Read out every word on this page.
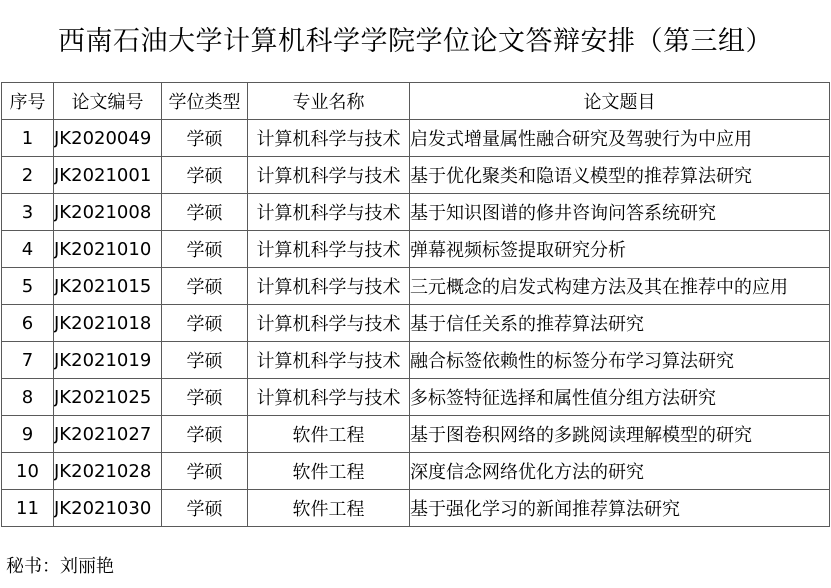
西南石油大学计算机科学学院学位论文答辩安排（第三组）
序号	论文编号	学位类型	专业名称	论文题目
1	JK2020049	学硕	计算机科学与技术	启发式增量属性融合研究及驾驶行为中应用
2	JK2021001	学硕	计算机科学与技术	基于优化聚类和隐语义模型的推荐算法研究
3	JK2021008	学硕	计算机科学与技术	基于知识图谱的修井咨询问答系统研究
4	JK2021010	学硕	计算机科学与技术	弹幕视频标签提取研究分析
5	JK2021015	学硕	计算机科学与技术	三元概念的启发式构建方法及其在推荐中的应用
6	JK2021018	学硕	计算机科学与技术	基于信任关系的推荐算法研究
7	JK2021019	学硕	计算机科学与技术	融合标签依赖性的标签分布学习算法研究
8	JK2021025	学硕	计算机科学与技术	多标签特征选择和属性值分组方法研究
9	JK2021027	学硕	软件工程	基于图卷积网络的多跳阅读理解模型的研究
10	JK2021028	学硕	软件工程	深度信念网络优化方法的研究
11	JK2021030	学硕	软件工程	基于强化学习的新闻推荐算法研究
秘书：刘丽艳
